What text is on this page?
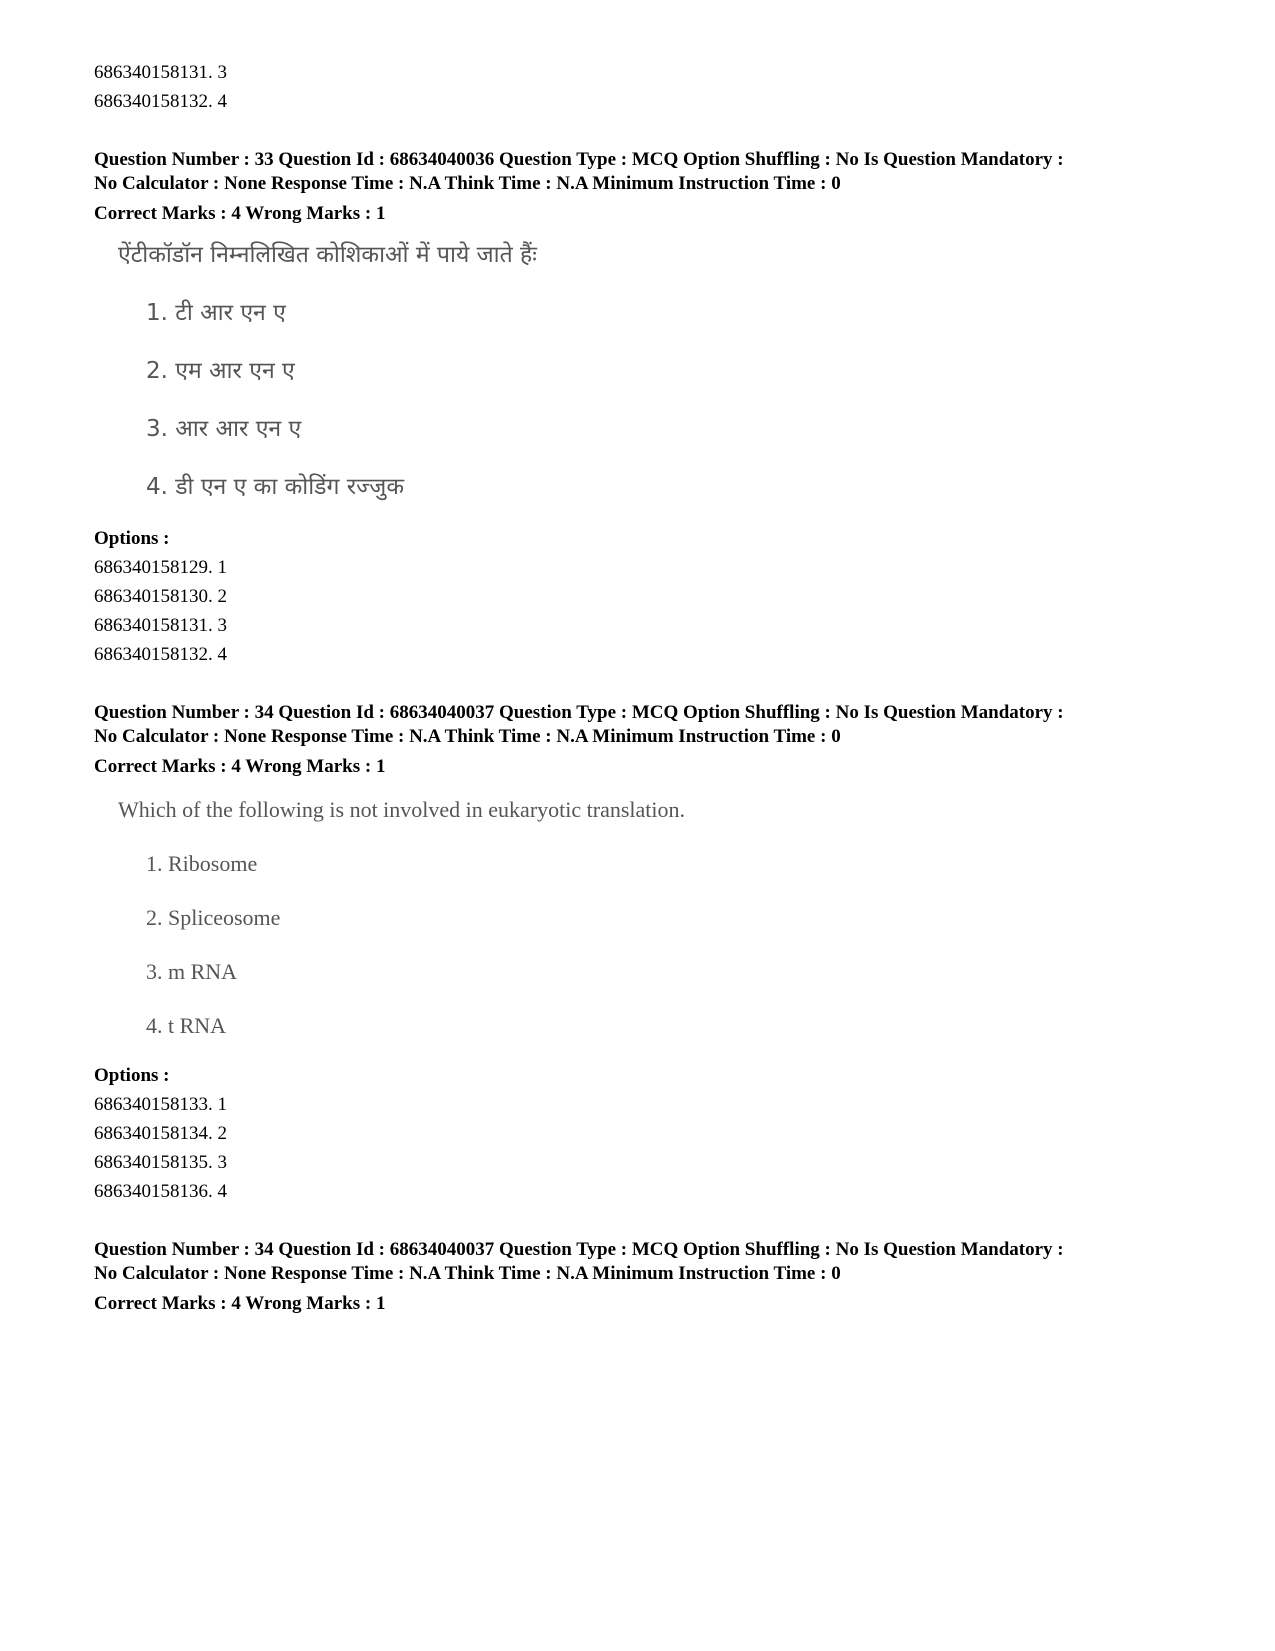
686340158131. 3
686340158132. 4
Question Number : 33 Question Id : 68634040036 Question Type : MCQ Option Shuffling : No Is Question Mandatory :
No Calculator : None Response Time : N.A Think Time : N.A Minimum Instruction Time : 0
Correct Marks : 4 Wrong Marks : 1
ऐंटीकॉडॉन निम्नलिखित कोशिकाओं में पाये जाते हैंः
1. टी आर एन ए
2. एम आर एन ए
3. आर आर एन ए
4. डी एन ए का कोडिंग रज्जुक
Options :
686340158129. 1
686340158130. 2
686340158131. 3
686340158132. 4
Question Number : 34 Question Id : 68634040037 Question Type : MCQ Option Shuffling : No Is Question Mandatory :
No Calculator : None Response Time : N.A Think Time : N.A Minimum Instruction Time : 0
Correct Marks : 4 Wrong Marks : 1
Which of the following is not involved in eukaryotic translation.
1. Ribosome
2. Spliceosome
3. m RNA
4. t RNA
Options :
686340158133. 1
686340158134. 2
686340158135. 3
686340158136. 4
Question Number : 34 Question Id : 68634040037 Question Type : MCQ Option Shuffling : No Is Question Mandatory :
No Calculator : None Response Time : N.A Think Time : N.A Minimum Instruction Time : 0
Correct Marks : 4 Wrong Marks : 1
